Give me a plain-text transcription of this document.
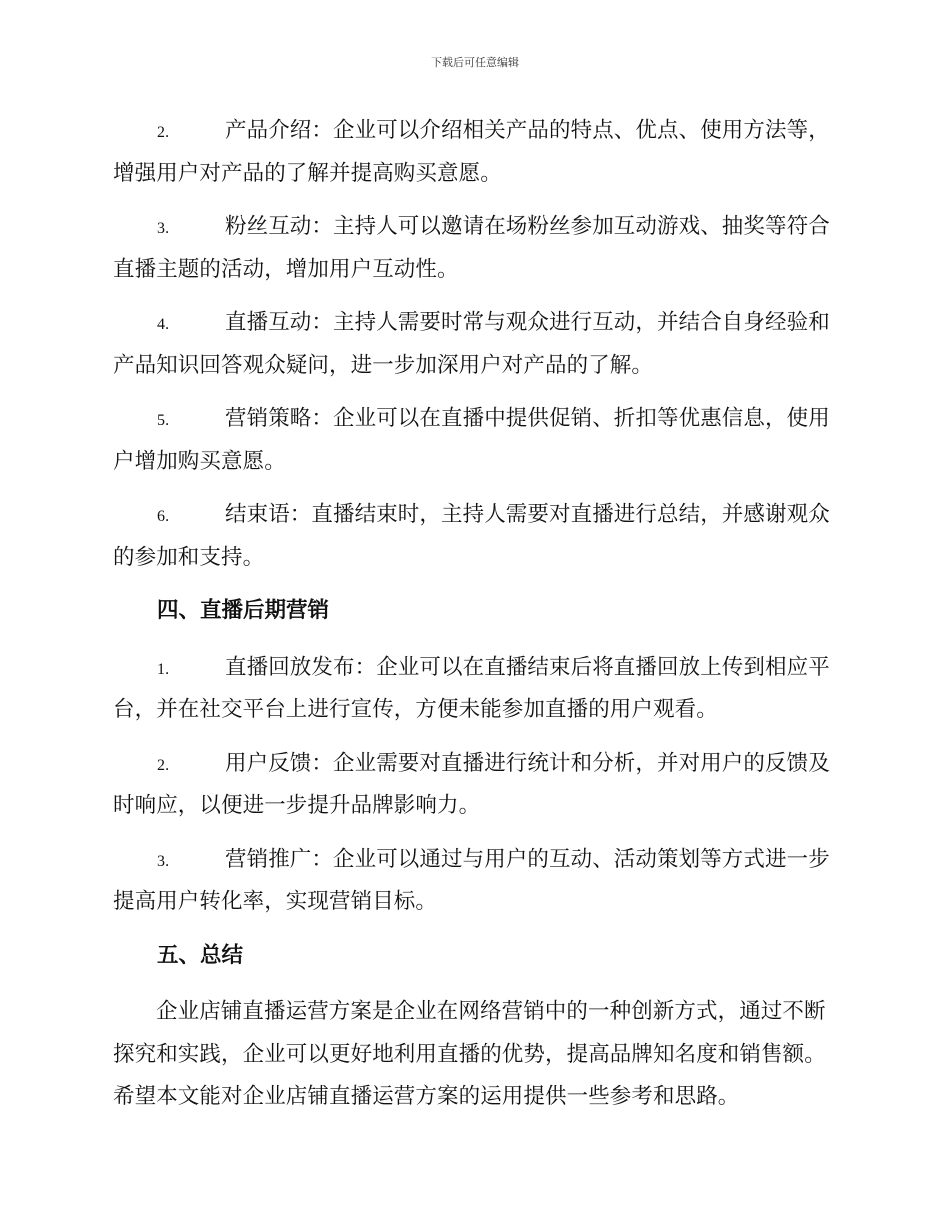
下载后可任意编辑
2.	产品介绍：企业可以介绍相关产品的特点、优点、使用方法等，
增强用户对产品的了解并提高购买意愿。
3.	粉丝互动：主持人可以邀请在场粉丝参加互动游戏、抽奖等符合
直播主题的活动，增加用户互动性。
4.	直播互动：主持人需要时常与观众进行互动，并结合自身经验和
产品知识回答观众疑问，进一步加深用户对产品的了解。
5.	营销策略：企业可以在直播中提供促销、折扣等优惠信息，使用
户增加购买意愿。
6.	结束语：直播结束时，主持人需要对直播进行总结，并感谢观众
的参加和支持。
四、直播后期营销
1.	直播回放发布：企业可以在直播结束后将直播回放上传到相应平
台，并在社交平台上进行宣传，方便未能参加直播的用户观看。
2.	用户反馈：企业需要对直播进行统计和分析，并对用户的反馈及
时响应，以便进一步提升品牌影响力。
3.	营销推广：企业可以通过与用户的互动、活动策划等方式进一步
提高用户转化率，实现营销目标。
五、总结
企业店铺直播运营方案是企业在网络营销中的一种创新方式，通过不断
探究和实践，企业可以更好地利用直播的优势，提高品牌知名度和销售额。
希望本文能对企业店铺直播运营方案的运用提供一些参考和思路。
